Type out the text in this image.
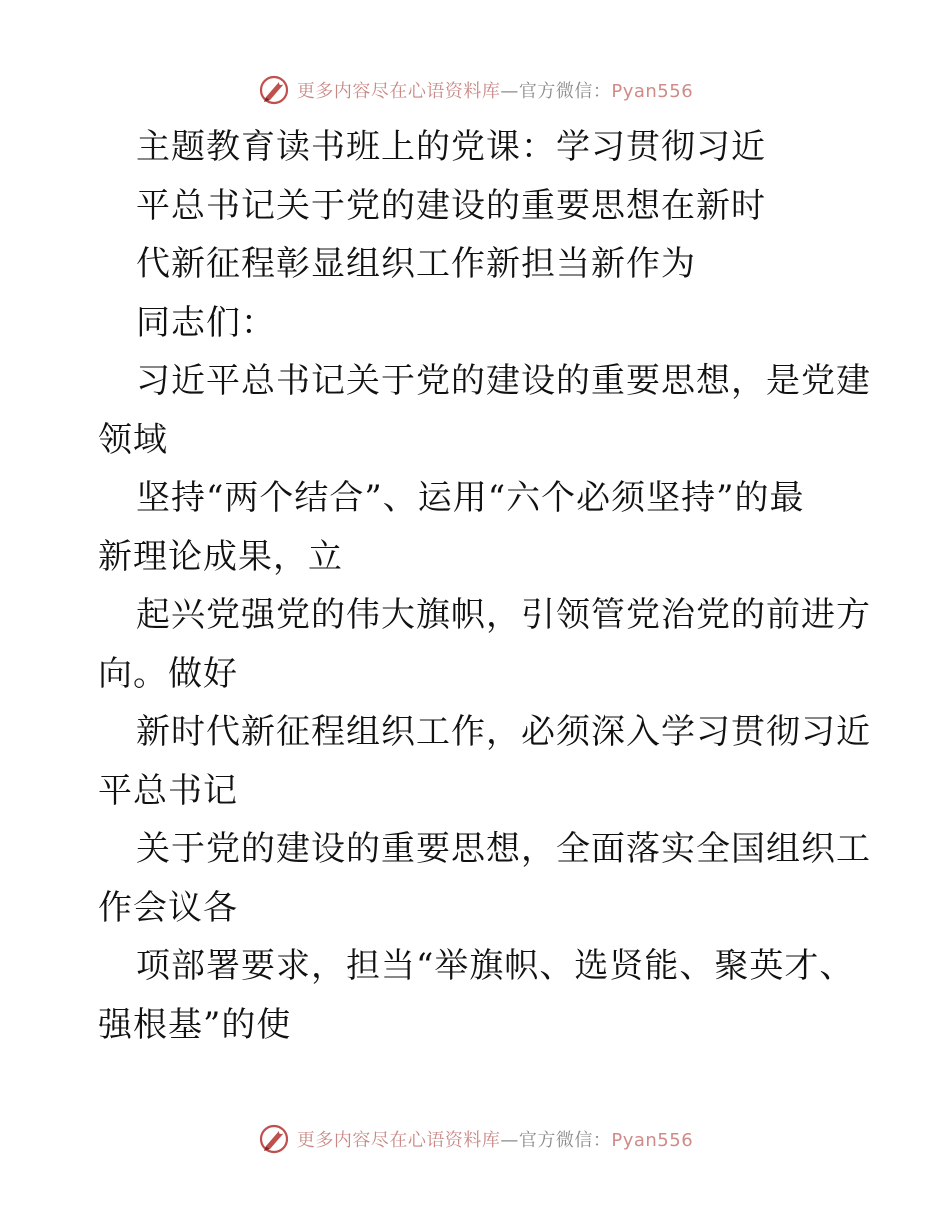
更多内容尽在心语资料库—官方微信：Pyan556
主题教育读书班上的党课：学习贯彻习近
平总书记关于党的建设的重要思想在新时
代新征程彰显组织工作新担当新作为
同志们：
习近平总书记关于党的建设的重要思想，是党建
领域
坚持“两个结合”、运用“六个必须坚持”的最
新理论成果，立
起兴党强党的伟大旗帜，引领管党治党的前进方
向。做好
新时代新征程组织工作，必须深入学习贯彻习近
平总书记
关于党的建设的重要思想，全面落实全国组织工
作会议各
项部署要求，担当“举旗帜、选贤能、聚英才、
强根基”的使
更多内容尽在心语资料库—官方微信：Pyan556
